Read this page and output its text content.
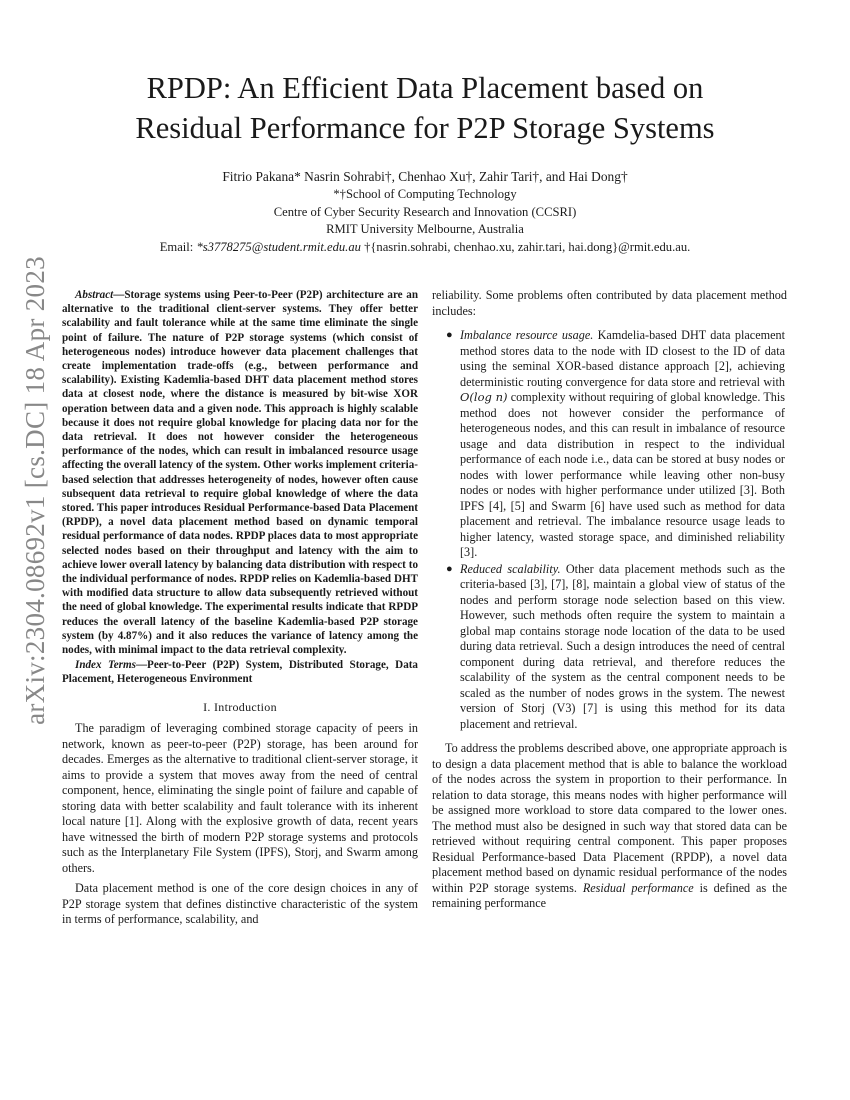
arXiv:2304.08692v1 [cs.DC] 18 Apr 2023
RPDP: An Efficient Data Placement based on
Residual Performance for P2P Storage Systems
Fitrio Pakana* Nasrin Sohrabi†, Chenhao Xu†, Zahir Tari†, and Hai Dong†
*†School of Computing Technology
Centre of Cyber Security Research and Innovation (CCSRI)
RMIT University Melbourne, Australia
Email: *s3778275@student.rmit.edu.au †{nasrin.sohrabi, chenhao.xu, zahir.tari, hai.dong}@rmit.edu.au.

Abstract—Storage systems using Peer-to-Peer (P2P) architecture are an alternative to the traditional client-server systems. They offer better scalability and fault tolerance while at the same time eliminate the single point of failure. The nature of P2P storage systems (which consist of heterogeneous nodes) introduce however data placement challenges that create implementation trade-offs (e.g., between performance and scalability). Existing Kademlia-based DHT data placement method stores data at closest node, where the distance is measured by bit-wise XOR operation between data and a given node. This approach is highly scalable because it does not require global knowledge for placing data nor for the data retrieval. It does not however consider the heterogeneous performance of the nodes, which can result in imbalanced resource usage affecting the overall latency of the system. Other works implement criteria-based selection that addresses heterogeneity of nodes, however often cause subsequent data retrieval to require global knowledge of where the data stored. This paper introduces Residual Performance-based Data Placement (RPDP), a novel data placement method based on dynamic temporal residual performance of data nodes. RPDP places data to most appropriate selected nodes based on their throughput and latency with the aim to achieve lower overall latency by balancing data distribution with respect to the individual performance of nodes. RPDP relies on Kademlia-based DHT with modified data structure to allow data subsequently retrieved without the need of global knowledge. The experimental results indicate that RPDP reduces the overall latency of the baseline Kademlia-based P2P storage system (by 4.87%) and it also reduces the variance of latency among the nodes, with minimal impact to the data retrieval complexity.

Index Terms—Peer-to-Peer (P2P) System, Distributed Storage, Data Placement, Heterogeneous Environment

I. Introduction

The paradigm of leveraging combined storage capacity of peers in network, known as peer-to-peer (P2P) storage, has been around for decades. Emerges as the alternative to traditional client-server storage, it aims to provide a system that moves away from the need of central component, hence, eliminating the single point of failure and capable of storing data with better scalability and fault tolerance with its inherent local nature [1]. Along with the explosive growth of data, recent years have witnessed the birth of modern P2P storage systems and protocols such as the Interplanetary File System (IPFS), Storj, and Swarm among others.

Data placement method is one of the core design choices in any of P2P storage system that defines distinctive characteristic of the system in terms of performance, scalability, and

reliability. Some problems often contributed by data placement method includes:

● Imbalance resource usage. Kamdelia-based DHT data placement method stores data to the node with ID closest to the ID of data using the seminal XOR-based distance approach [2], achieving deterministic routing convergence for data store and retrieval with O(log n) complexity without requiring of global knowledge. This method does not however consider the performance of heterogeneous nodes, and this can result in imbalance of resource usage and data distribution in respect to the individual performance of each node i.e., data can be stored at busy nodes or nodes with lower performance while leaving other non-busy nodes or nodes with higher performance under utilized [3]. Both IPFS [4], [5] and Swarm [6] have used such as method for data placement and retrieval. The imbalance resource usage leads to higher latency, wasted storage space, and diminished reliability [3].
● Reduced scalability. Other data placement methods such as the criteria-based [3], [7], [8], maintain a global view of status of the nodes and perform storage node selection based on this view. However, such methods often require the system to maintain a global map contains storage node location of the data to be used during data retrieval. Such a design introduces the need of central component during data retrieval, and therefore reduces the scalability of the system as the central component needs to be scaled as the number of nodes grows in the system. The newest version of Storj (V3) [7] is using this method for its data placement and retrieval.

To address the problems described above, one appropriate approach is to design a data placement method that is able to balance the workload of the nodes across the system in proportion to their performance. In relation to data storage, this means nodes with higher performance will be assigned more workload to store data compared to the lower ones. The method must also be designed in such way that stored data can be retrieved without requiring central component. This paper proposes Residual Performance-based Data Placement (RPDP), a novel data placement method based on dynamic residual performance of the nodes within P2P storage systems. Residual performance is defined as the remaining performance
